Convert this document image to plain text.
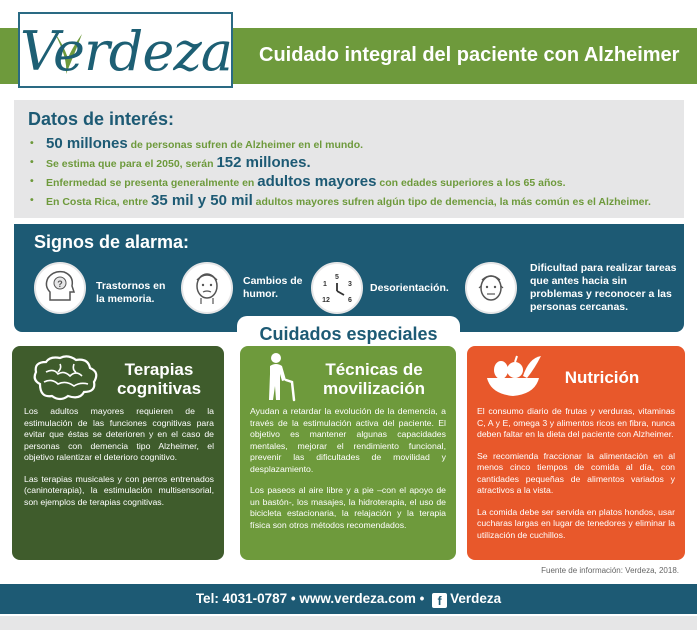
Verdeza Cuidado integral del paciente con Alzheimer
Datos de interés:
• 50 millones de personas sufren de Alzheimer en el mundo.
• Se estima que para el 2050, serán 152 millones.
• Enfermedad se presenta generalmente en adultos mayores con edades superiores a los 65 años.
• En Costa Rica, entre 35 mil y 50 mil adultos mayores sufren algún tipo de demencia, la más común es el Alzheimer.
Signos de alarma:
?	Trastornos en la memoria.
Cambios de humor.
5
3
1
12	6
Desorientación.
Dificultad para realizar tareas que antes hacia sin problemas y reconocer a las personas cercanas.
Cuidados especiales
Terapias cognitivas

Los adultos mayores requieren de la estimulación de las funciones cognitivas para evitar que éstas se deterioren y en el caso de personas con demencia tipo Alzheimer, el objetivo ralentizar el deterioro cognitivo.

Las terapias musicales y con perros entrenados (caninoterapia), la estimulación multisensorial, son ejemplos de terapias cognitivas.

Técnicas de movilización

Ayudan a retardar la evolución de la demencia, a través de la estimulación activa del paciente. El objetivo es mantener algunas capacidades mentales, mejorar el rendimiento funcional, prevenir las dificultades de movilidad y desplazamiento.

Los paseos al aire libre y a pie –con el apoyo de un bastón-, los masajes, la hidroterapia, el uso de bicicleta estacionaria, la relajación y la terapia física son otros métodos recomendados.

Nutrición

El consumo diario de frutas y verduras, vitaminas C, A y E, omega 3 y alimentos ricos en fibra, nunca deben faltar en la dieta del paciente con Alzheimer.

Se recomienda fraccionar la alimentación en al menos cinco tiempos de comida al día, con cantidades pequeñas de alimentos variados y atractivos a la vista.

La comida debe ser servida en platos hondos, usar cucharas largas en lugar de tenedores y eliminar la utilización de cuchillos.

Fuente de información: Verdeza, 2018.
Tel: 4031-0787 • www.verdeza.com • f Verdeza
